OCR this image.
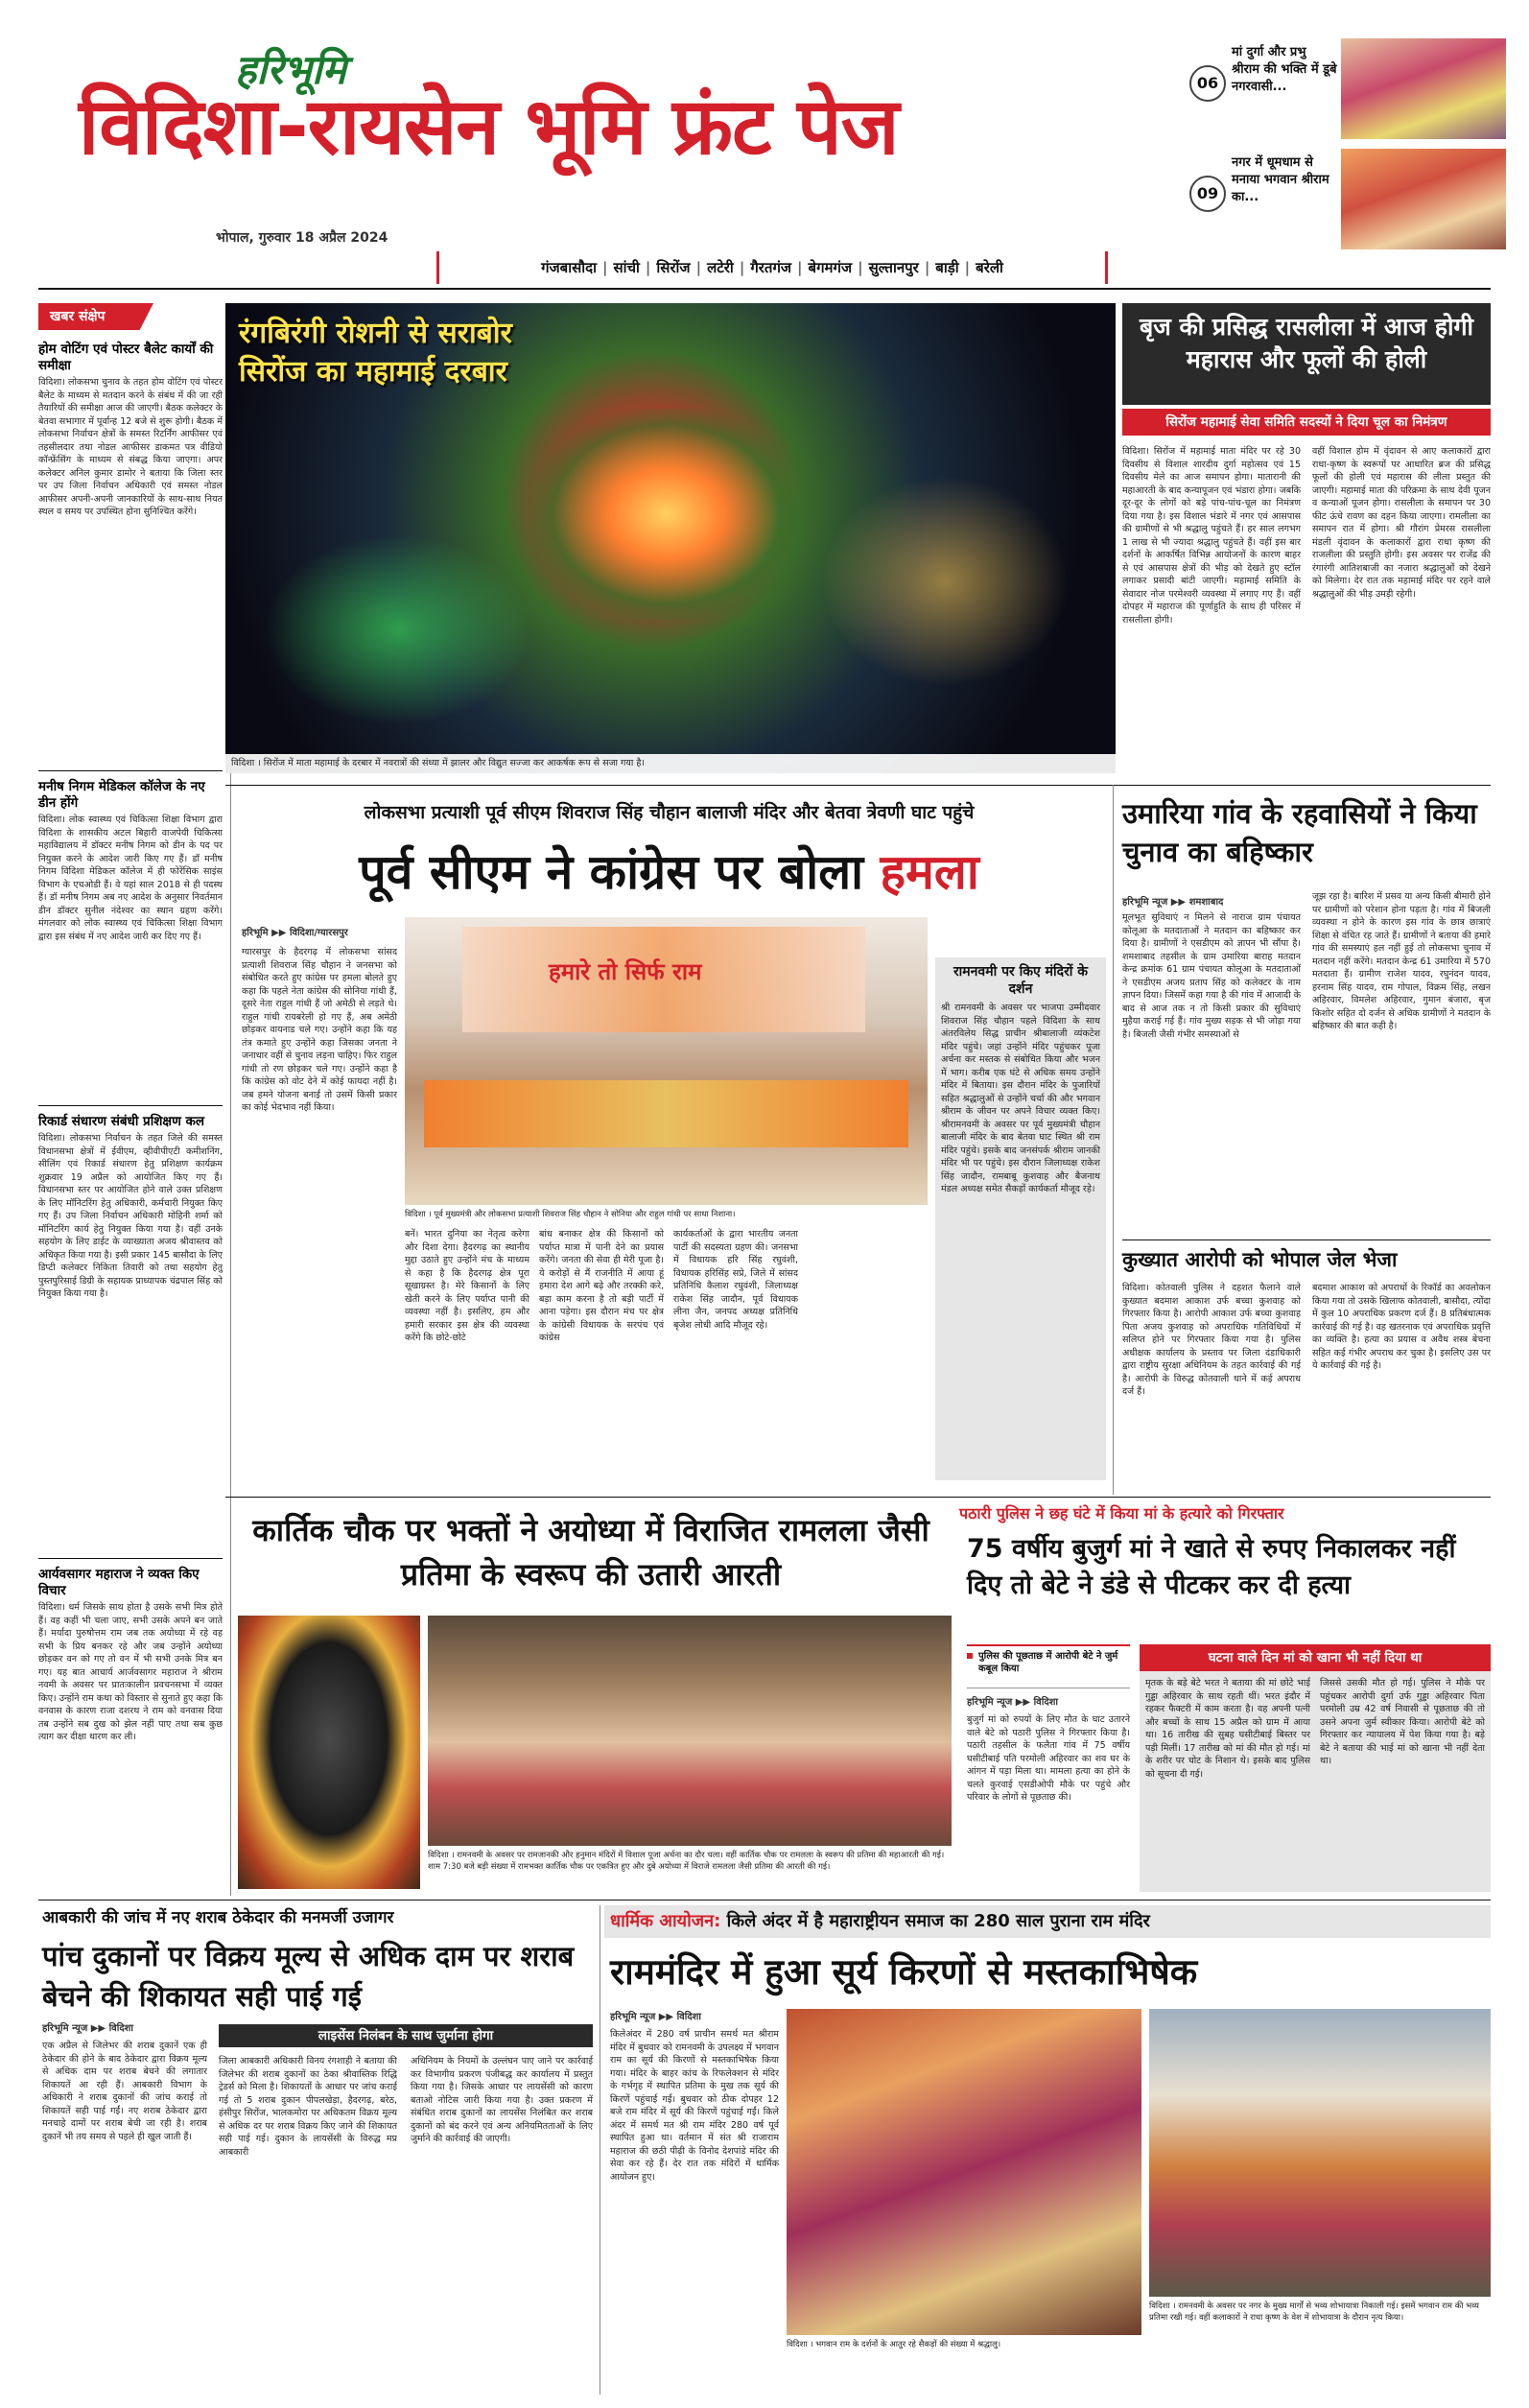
हरिभूमि
विदिशा-रायसेन भूमि फ्रंट पेज
भोपाल, गुरुवार 18 अप्रैल 2024
06
मां दुर्गा और प्रभु श्रीराम की भक्ति में डूबे नगरवासी...
09
नगर में धूमधाम से मनाया भगवान श्रीराम का...
गंजबासौदा | सांची | सिरोंज | लटेरी | गैरतगंज | बेगमगंज | सुल्तानपुर | बाड़ी | बरेली
खबर संक्षेप
होम वोटिंग एवं पोस्टर बैलेट कार्यों की समीक्षा
विदिशा। लोकसभा चुनाव के तहत होम वोटिंग एवं पोस्टर बैलेट के माध्यम से मतदान करने के संबंध में की जा रही तैयारियों की समीक्षा आज की जाएगी। बैठक कलेक्टर के बेतवा सभागार में पूर्वान्ह 12 बजे से शुरू होगी। बैठक में लोकसभा निर्वाचन क्षेत्रों के समस्त रिटर्निंग आफीसर एवं तहसीलदार तथा नोडल आफीसर डाकमत पत्र वीडियो कॉन्फ्रेंसिंग के माध्यम से संबद्ध किया जाएगा। अपर कलेक्टर अनिल कुमार डामोर ने बताया कि जिला स्तर पर उप जिला निर्वाचन अधिकारी एवं समस्त नोडल आफीसर अपनी-अपनी जानकारियों के साथ-साथ नियत स्थल व समय पर उपस्थित होना सुनिश्चित करेंगे।
मनीष निगम मेडिकल कॉलेज के नए डीन होंगे
विदिशा। लोक स्वास्थ्य एवं चिकित्सा शिक्षा विभाग द्वारा विदिशा के शासकीय अटल बिहारी वाजपेयी चिकित्सा महाविद्यालय में डॉक्टर मनीष निगम को डीन के पद पर नियुक्त करने के आदेश जारी किए गए हैं। डॉ मनीष निगम विदिशा मेडिकल कॉलेज में ही फोरेंसिक साइंस विभाग के एचओडी हैं। वे यहां साल 2018 से ही पदस्थ हैं। डॉ मनीष निगम अब नए आदेश के अनुसार निवर्तमान डीन डॉक्टर सुनील नंदेश्वर का स्थान ग्रहण करेंगे। मंगलवार को लोक स्वास्थ्य एवं चिकित्सा शिक्षा विभाग द्वारा इस संबंध में नए आदेश जारी कर दिए गए हैं।
रिकार्ड संधारण संबंधी प्रशिक्षण कल
विदिशा। लोकसभा निर्वाचन के तहत जिले की समस्त विधानसभा क्षेत्रों में ईवीएम, व्हीवीपीएटी कमीशनिंग, सीलिंग एवं रिकार्ड संधारण हेतु प्रशिक्षण कार्यक्रम शुक्रवार 19 अप्रैल को आयोजित किए गए हैं। विधानसभा स्तर पर आयोजित होने वाले उक्त प्रशिक्षण के लिए मॉनिटरिंग हेतु अधिकारी, कर्मचारी नियुक्त किए गए हैं। उप जिला निर्वाचन अधिकारी मोहिनी शर्मा को मॉनिटरिंग कार्य हेतु नियुक्त किया गया है। वहीं उनके सहयोग के लिए डाईट के व्याख्याता अजय श्रीवास्तव को अधिकृत किया गया है। इसी प्रकार 145 बासौदा के लिए डिप्टी कलेक्टर निकिता तिवारी को तथा सहयोग हेतु पुस्तपुरिसाई डिग्री के सहायक प्राध्यापक चंद्रपाल सिंह को नियुक्त किया गया है।
आर्यवसागर महाराज ने व्यक्त किए विचार
विदिशा। धर्म जिसके साथ होता है उसके सभी मित्र होते हैं। वह कहीं भी चला जाए, सभी उसके अपने बन जाते हैं। मर्यादा पुरुषोत्तम राम जब तक अयोध्या में रहे वह सभी के प्रिय बनकर रहे और जब उन्होंने अयोध्या छोड़कर वन को गए तो वन में भी सभी उनके मित्र बन गए। यह बात आचार्य आर्जवसागर महाराज ने श्रीराम नवमी के अवसर पर प्रातःकालीन प्रवचनसभा में व्यक्त किए। उन्होंने राम कथा को विस्तार से सुनाते हुए कहा कि वनवास के कारण राजा दशरथ ने राम को वनवास दिया तब उन्होंने सब दुख को झेल नहीं पाए तथा सब कुछ त्याग कर दीक्षा धारण कर ली।
रंगबिरंगी रोशनी से सराबोर
सिरोंज का महामाई दरबार
विदिशा । सिरोंज में माता महामाई के दरबार में नवरात्रों की संध्या में झालर और विद्युत सज्जा कर आकर्षक रूप से सजा गया है।
बृज की प्रसिद्ध रासलीला में आज होगी महारास और फूलों की होली
सिरोंज महामाई सेवा समिति सदस्यों ने दिया चूल का निमंत्रण
विदिशा। सिरोंज में महामाई माता मंदिर पर रहे 30 दिवसीय से विशाल शारदीय दुर्गा महोत्सव एवं 15 दिवसीय मेले का आज समापन होगा। मातारानी की महाआरती के बाद कन्यापूजन एवं भंडारा होगा। जबकि दूर-दूर के लोगों को बड़े पांच-पांच-चूल का निमंत्रण दिया गया है। इस विशाल भंडारे में नगर एवं आसपास की ग्रामीणों से भी श्रद्धालु पहुंचते हैं। हर साल लगभग 1 लाख से भी ज्यादा श्रद्धालु पहुंचते हैं। वहीं इस बार दर्शनों के आकर्षित विभिन्न आयोजनों के कारण बाहर से एवं आसपास क्षेत्रों की भीड़ को देखते हुए स्टॉल लगाकर प्रसादी बांटी जाएगी। महामाई समिति के सेवादार नोज परमेश्वरी व्यवस्था में लगाए गए हैं। वहीं दोपहर में महाराज की पूर्णाहुति के साथ ही परिसर में रासलीला होगी।
वहीं विशाल होम में वृंदावन से आए कलाकारों द्वारा राधा-कृष्ण के स्वरूपों पर आधारित ब्रज की प्रसिद्ध फूलों की होली एवं महारास की लीला प्रस्तुत की जाएगी। महामाई माता की परिक्रमा के साथ देवी पूजन व कन्याओं पूजन होगा। रासलीला के समापन पर 30 फीट ऊंचे रावण का दहन किया जाएगा। रामलीला का समापन रात में होगा। श्री गौरांग प्रेमरस रासलीला मंडली वृंदावन के कलाकारों द्वारा राधा कृष्ण की राजलीला की प्रस्तुति होगी। इस अवसर पर राजेंद्र की रंगारंगी आतिशबाजी का नजारा श्रद्धालुओं को देखने को मिलेगा। देर रात तक महामाई मंदिर पर रहने वाले श्रद्धालुओं की भीड़ उमड़ी रहेगी।
लोकसभा प्रत्याशी पूर्व सीएम शिवराज सिंह चौहान बालाजी मंदिर और बेतवा त्रेवणी घाट पहुंचे
पूर्व सीएम ने कांग्रेस पर बोला हमला
हरिभूमि ▶▶ विदिशा/ग्यारसपुर
ग्यारसपुर के हैदरगढ़ में लोकसभा सांसद प्रत्याशी शिवराज सिंह चौहान ने जनसभा को संबोधित करते हुए कांग्रेस पर हमला बोलते हुए कहा कि पहले नेता कांग्रेस की सोनिया गांधी हैं, दूसरे नेता राहुल गांधी हैं जो अमेठी से लड़ते थे। राहुल गांधी रायबरेली हो गए हैं, अब अमेठी छोड़कर वायनाड चले गए। उन्होंने कहा कि यह तंत्र कमाते हुए उन्होंने कहा जिसका जनता ने जनाधार वहीं से चुनाव लड़ना चाहिए। फिर राहुल गांधी तो रण छोड़कर चले गए। उन्होंने कहा है कि कांग्रेस को वोट देने में कोई फायदा नहीं है। जब हमने योजना बनाई तो उसमें किसी प्रकार का कोई भेदभाव नहीं किया।
हमारे तो सिर्फ राम
विदिशा । पूर्व मुख्यमंत्री और लोकसभा प्रत्याशी शिवराज सिंह चौहान ने सोनिया और राहुल गांधी पर साधा निशाना।
बनें। भारत दुनिया का नेतृत्व करेगा और दिशा देगा। हैदरगढ़ का स्थानीय मुद्दा उठाते हुए उन्होंने मंच के माध्यम से कहा है कि हैदरगढ़ क्षेत्र पूरा सूखाग्रस्त है। मेरे किसानों के लिए खेती करने के लिए पर्याप्त पानी की व्यवस्था नहीं है। इसलिए, हम और हमारी सरकार इस क्षेत्र की व्यवस्था करेंगे कि छोटे-छोटे
बांध बनाकर क्षेत्र की किसानों को पर्याप्त मात्रा में पानी देने का प्रयास करेंगे। जनता की सेवा ही मेरी पूजा है। ये करोड़ों से मैं राजनीति में आया हूं हमारा देश आगे बढ़े और तरक्की करे, बड़ा काम करना है तो बड़ी पार्टी में आना पड़ेगा। इस दौरान मंच पर क्षेत्र के कांग्रेसी विधायक के सरपंच एवं कांग्रेस
कार्यकर्ताओं के द्वारा भारतीय जनता पार्टी की सदस्यता ग्रहण की। जनसभा में विधायक हरि सिंह रघुवंशी, विधायक हरिसिंह सप्रे, जिले में सांसद प्रतिनिधि कैलाश रघुवंशी, जिलाध्यक्ष राकेश सिंह जादौन, पूर्व विधायक लीना जैन, जनपद अध्यक्ष प्रतिनिधि बृजेश लोधी आदि मौजूद रहे।
रामनवमी पर किए मंदिरों के दर्शन
श्री रामनवमी के अवसर पर भाजपा उम्मीदवार शिवराज सिंह चौहान पहले विदिशा के साथ अंतरविलेय सिद्ध प्राचीन श्रीबालाजी व्यंकटेश मंदिर पहुंचे। जहां उन्होंने मंदिर पहुंचकर पूजा अर्चना कर मस्तक से संबोधित किया और भजन में भाग। करीब एक घंटे से अधिक समय उन्होंने मंदिर में बिताया। इस दौरान मंदिर के पुजारियों सहित श्रद्धालुओं से उन्होंने चर्चा की और भगवान श्रीराम के जीवन पर अपने विचार व्यक्त किए। श्रीरामनवमी के अवसर पर पूर्व मुख्यमंत्री चौहान बालाजी मंदिर के बाद बेतवा घाट स्थित श्री राम मंदिर पहुंचे। इसके बाद जनसंपर्क श्रीराम जानकी मंदिर भी पर पहुंचे। इस दौरान जिलाध्यक्ष राकेश सिंह जादौन, रामबाबू कुशवाह और बैजनाथ मंडल अध्यक्ष समेत सैकड़ों कार्यकर्ता मौजूद रहे।
उमारिया गांव के रहवासियों ने किया चुनाव का बहिष्कार
हरिभूमि न्यूज ▶▶ शमशाबाद
मूलभूत सुविधाएं न मिलने से नाराज ग्राम पंचायत कोलूआ के मतदाताओं ने मतदान का बहिष्कार कर दिया है। ग्रामीणों ने एसडीएम को ज्ञापन भी सौंपा है। शमशाबाद तहसील के ग्राम उमारिया बाराह मतदान केन्द्र क्रमांक 61 ग्राम पंचायत कोलूआ के मतदाताओं ने एसडीएम अजय प्रताप सिंह को कलेक्टर के नाम ज्ञापन दिया। जिसमें कहा गया है की गांव में आजादी के बाद से आज तक न तो किसी प्रकार की सुविधाएं मुहैया कराई गई हैं। गांव मुख्य सड़क से भी जोड़ा गया है। बिजली जैसी गंभीर समस्याओं से
जूझ रहा है। बारिश में प्रसव या अन्य किसी बीमारी होने पर ग्रामीणों को परेशान होना पड़ता है। गांव में बिजली व्यवस्था न होने के कारण इस गांव के छात्र छात्राएं शिक्षा से वंचित रह जाते हैं। ग्रामीणों ने बताया की हमारे गांव की समस्याएं हल नहीं हुई तो लोकसभा चुनाव में मतदान नहीं करेंगे। मतदान केन्द्र 61 उमारिया में 570 मतदाता हैं। ग्रामीण राजेश यादव, रघुनंदन यादव, हरनाम सिंह यादव, राम गोपाल, विक्रम सिंह, लखन अहिरवार, विमलेश अहिरवार, गुमान बंजारा, बृज किशोर सहित दो दर्जन से अधिक ग्रामीणों ने मतदान के बहिष्कार की बात कही है।
कुख्यात आरोपी को भोपाल जेल भेजा
विदिशा। कोतवाली पुलिस ने दहशत फैलाने वाले कुख्यात बदमाश आकाश उर्फ बच्चा कुशवाह को गिरफ्तार किया है। आरोपी आकाश उर्फ बच्चा कुशवाह पिता अजय कुशवाह को अपराधिक गतिविधियों में सलिप्त होने पर गिरफ्तार किया गया है। पुलिस अधीक्षक कार्यालय के प्रस्ताव पर जिला दंडाधिकारी द्वारा राष्ट्रीय सुरक्षा अधिनियम के तहत कार्रवाई की गई है। आरोपी के विरुद्ध कोतवाली थाने में कई अपराध दर्ज हैं।
बदमाश आकाश को अपराधों के रिकॉर्ड का अवलोकन किया गया तो उसके खिलाफ कोतवाली, बासौदा, त्योंदा में कुल 10 अपराधिक प्रकरण दर्ज हैं। 8 प्रतिबंधात्मक कार्रवाई की गई है। वह खतरनाक एवं अपराधिक प्रवृत्ति का व्यक्ति है। हत्या का प्रयास व अवैध शस्त्र बेचना सहित कई गंभीर अपराध कर चुका है। इसलिए उस पर ये कार्रवाई की गई है।
कार्तिक चौक पर भक्तों ने अयोध्या में विराजित रामलला जैसी प्रतिमा के स्वरूप की उतारी आरती
विदिशा । रामनवमी के अवसर पर रामजानकी और हनुमान मंदिरों में विशाल पूजा अर्चना का दौर चला। वहीं कार्तिक चौक पर रामलला के स्वरूप की प्रतिमा की महाआरती की गई। शाम 7:30 बजे बड़ी संख्या में रामभक्त कार्तिक चौक पर एकत्रित हुए और दुबे अयोध्या में विराजे रामलला जैसी प्रतिमा की आरती की गई।
पठारी पुलिस ने छह घंटे में किया मां के हत्यारे को गिरफ्तार
75 वर्षीय बुजुर्ग मां ने खाते से रुपए निकालकर नहीं दिए तो बेटे ने डंडे से पीटकर कर दी हत्या
पुलिस की पूछताछ में आरोपी बेटे ने जुर्म कबूल किया
हरिभूमि न्यूज ▶▶ विदिशा
बुजुर्ग मां को रुपयों के लिए मौत के घाट उतारने वाले बेटे को पठारी पुलिस ने गिरफ्तार किया है। पठारी तहसील के फलैता गांव में 75 वर्षीय घसीटीबाई पति परमोली अहिरवार का शव घर के आंगन में पड़ा मिला था। मामला हत्या का होने के चलते कुरवाई एसडीओपी मौके पर पहुंचे और परिवार के लोगों से पूछताछ की।
घटना वाले दिन मां को खाना भी नहीं दिया था
मृतक के बड़े बेटे भरत ने बताया की मां छोटे भाई गुड्डा अहिरवार के साथ रहती थीं। भरत इंदौर में रहकर फैक्टरी में काम करता है। वह अपनी पत्नी और बच्चों के साथ 15 अप्रैल को ग्राम में आया था। 16 तारीख की सुबह घसीटीबाई बिस्तर पर पड़ी मिलीं। 17 तारीख को मां की मौत हो गई। मां के शरीर पर चोट के निशान थे। इसके बाद पुलिस को सूचना दी गई।
जिससे उसकी मौत हो गई। पुलिस ने मौके पर पहुंचकर आरोपी दुर्गा उर्फ गुड्डा अहिरवार पिता परमोली उम्र 42 वर्ष निवासी से पूछताछ की तो उसने अपना जुर्म स्वीकार किया। आरोपी बेटे को गिरफ्तार कर न्यायालय में पेश किया गया है। बड़े बेटे ने बताया की भाई मां को खाना भी नहीं देता था।
आबकारी की जांच में नए शराब ठेकेदार की मनमर्जी उजागर
पांच दुकानों पर विक्रय मूल्य से अधिक दाम पर शराब बेचने की शिकायत सही पाई गई
हरिभूमि न्यूज ▶▶ विदिशा
एक अप्रैल से जिलेभर की शराब दुकानें एक ही ठेकेदार की होने के बाद ठेकेदार द्वारा विक्रय मूल्य से अधिक दाम पर शराब बेचने की लगातार शिकायतें आ रही हैं। आबकारी विभाग के अधिकारी ने शराब दुकानों की जांच कराई तो शिकायतें सही पाई गईं। नए शराब ठेकेदार द्वारा मनचाहे दामों पर शराब बेची जा रही है। शराब दुकानें भी तय समय से पहले ही खुल जाती हैं।
लाइसेंस निलंबन के साथ जुर्माना होगा
जिला आबकारी अधिकारी विनय रंगशाही ने बताया की जिलेभर की शराब दुकानों का ठेका श्रीवास्तिक रिद्धि ट्रेडर्स को मिला है। शिकायतों के आधार पर जांच कराई गई तो 5 शराब दुकान पीपलखेड़ा, हैदरगढ़, बरेठ, हंसीपुर सिरोंज, भालकमोरा पर अधिकतम विक्रय मूल्य से अधिक दर पर शराब विक्रय किए जाने की शिकायत सही पाई गई। दुकान के लायसेंसी के विरुद्ध मप्र आबकारी
अधिनियम के नियमों के उल्लंघन पाए जाने पर कार्रवाई कर विभागीय प्रकरण पंजीबद्ध कर कार्यालय में प्रस्तुत किया गया है। जिसके आधार पर लायसेंसी को कारण बताओ नोटिस जारी किया गया है। उक्त प्रकरण में संबंधित शराब दुकानों का लायसेंस निलंबित कर शराब दुकानों को बंद करने एवं अन्य अनियमितताओं के लिए जुर्माने की कार्रवाई की जाएगी।
धार्मिक आयोजन: किले अंदर में है महाराष्ट्रीयन समाज का 280 साल पुराना राम मंदिर
राममंदिर में हुआ सूर्य किरणों से मस्तकाभिषेक
हरिभूमि न्यूज ▶▶ विदिशा
किलेअंदर में 280 वर्ष प्राचीन समर्थ मत श्रीराम मंदिर में बुधवार को रामनवमी के उपलक्ष्य में भगवान राम का सूर्य की किरणों से मस्तकाभिषेक किया गया। मंदिर के बाहर कांच के रिफलेक्शन से मंदिर के गर्भगृह में स्थापित प्रतिमा के मुख तक सूर्य की किरणें पहुंचाई गईं। बुधवार को ठीक दोपहर 12 बजे राम मंदिर में सूर्य की किरणें पहुंचाई गईं। किले अंदर में समर्थ मत श्री राम मंदिर 280 वर्ष पूर्व स्थापित हुआ था। वर्तमान में संत श्री राजाराम महाराज की छठी पीढ़ी के विनोद देशपांडे मंदिर की सेवा कर रहे हैं। देर रात तक मंदिरों में धार्मिक आयोजन हुए।
विदिशा । भगवान राम के दर्शनों के आतुर रहे सैकड़ों की संख्या में श्रद्धालु।
विदिशा । रामनवमी के अवसर पर नगर के मुख्य मार्गों से भव्य शोभायात्रा निकाली गई। इसमें भगवान राम की भव्य प्रतिमा रखी गई। वहीं कलाकारों ने राधा कृष्ण के वेश में शोभायात्रा के दौरान नृत्य किया।
